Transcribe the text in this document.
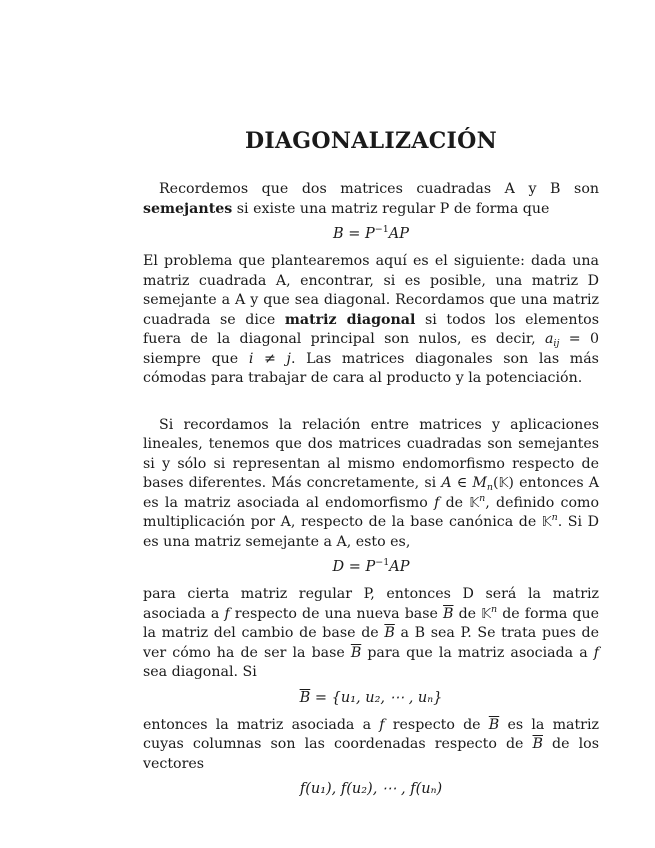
DIAGONALIZACIÓN

Recordemos que dos matrices cuadradas A y B son semejantes si existe una matriz regular P de forma que

$B = P^{-1}AP$

El problema que plantearemos aquí es el siguiente: dada una matriz cuadrada A, encontrar, si es posible, una matriz D semejante a A y que sea diagonal. Recordamos que una matriz cuadrada se dice matriz diagonal si todos los elementos fuera de la diagonal principal son nulos, es decir, $a_{ij} = 0$ siempre que i ≠ j. Las matrices diagonales son las más cómodas para trabajar de cara al producto y la potenciación.

Si recordamos la relación entre matrices y aplicaciones lineales, tenemos que dos matrices cuadradas son semejantes si y sólo si representan al mismo endomorfismo respecto de bases diferentes. Más concretamente, si A ∈ $M_n(𝕂)$ entonces A es la matriz asociada al endomorfismo f de 𝕂$^n$, definido como multiplicación por A, respecto de la base canónica de 𝕂$^n$. Si D es una matriz semejante a A, esto es,

$D = P^{-1}AP$

para cierta matriz regular P, entonces D será la matriz asociada a f respecto de una nueva base $\overline{B}$ de 𝕂$^n$ de forma que la matriz del cambio de base de $\overline{B}$ a B sea P. Se trata pues de ver cómo ha de ser la base $\overline{B}$ para que la matriz asociada a f sea diagonal. Si

$\overline{B} = \{u_1$, u₂, ⋯ , uₙ}

entonces la matriz asociada a f respecto de $\overline{B}$ es la matriz cuyas columnas son las coordenadas respecto de $\overline{B}$ de los vectores

f(u₁), f(u₂), ⋯ , f(uₙ)
